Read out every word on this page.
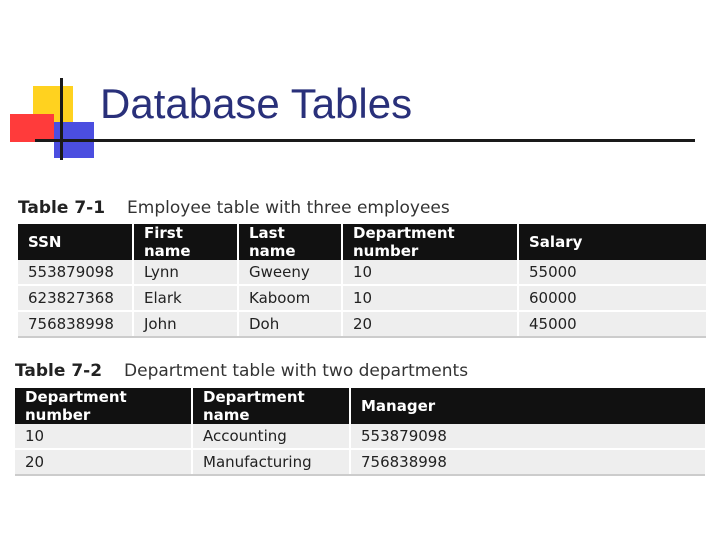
Database Tables
Table 7-1 Employee table with three employees
SSN	First name	Last name	Department number	Salary
553879098	Lynn	Gweeny	10	55000
623827368	Elark	Kaboom	10	60000
756838998	John	Doh	20	45000
Table 7-2 Department table with two departments
Department number	Department name	Manager
10	Accounting	553879098
20	Manufacturing	756838998
